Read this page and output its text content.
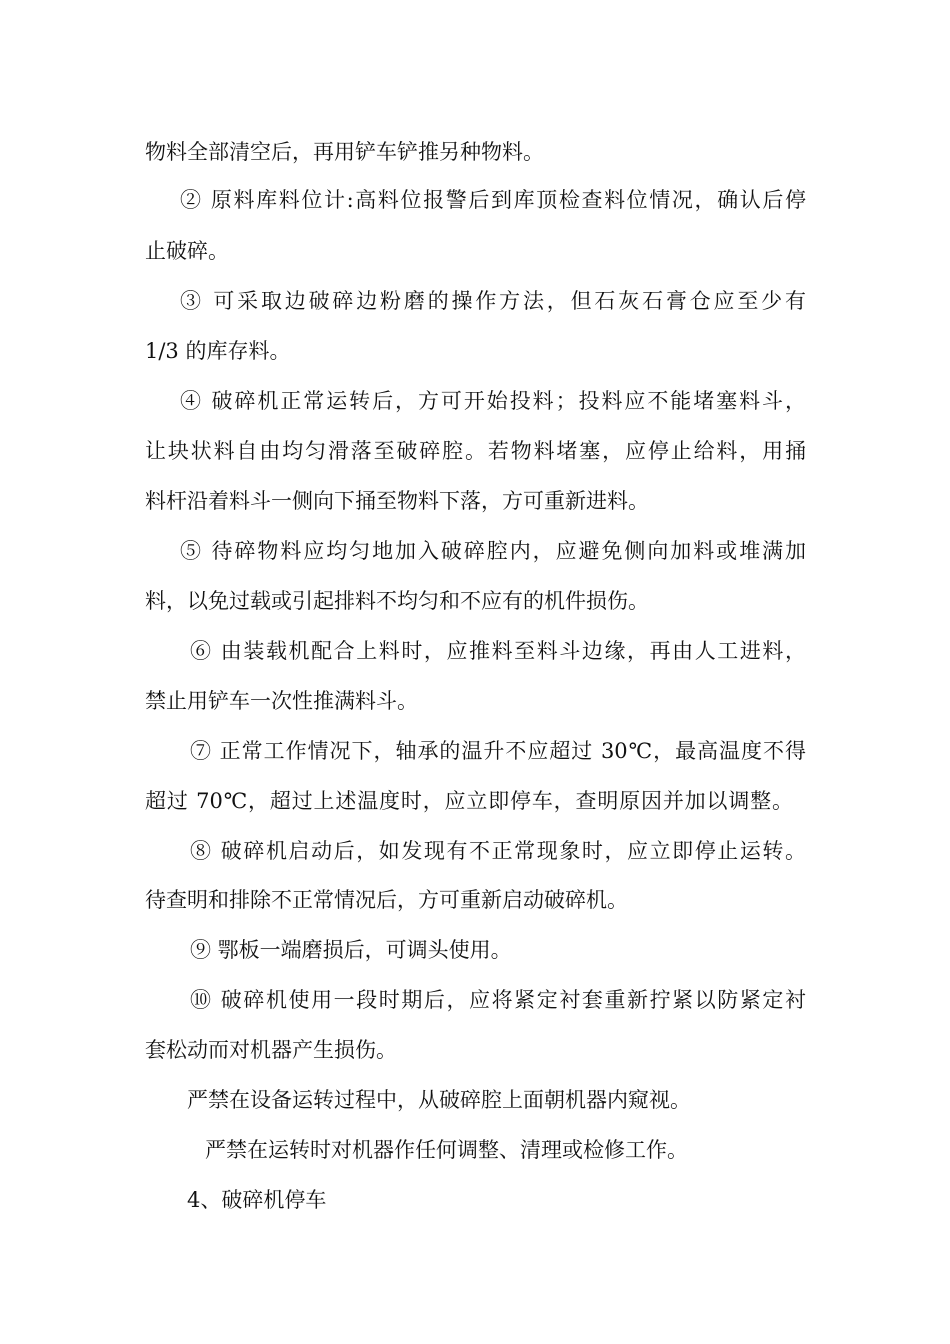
物料全部清空后，再用铲车铲推另种物料。
② 原料库料位计:高料位报警后到库顶检查料位情况，确认后停
止破碎。
③ 可采取边破碎边粉磨的操作方法，但石灰石膏仓应至少有
1/3 的库存料。
④ 破碎机正常运转后，方可开始投料；投料应不能堵塞料斗，
让块状料自由均匀滑落至破碎腔。若物料堵塞，应停止给料，用捅
料杆沿着料斗一侧向下捅至物料下落，方可重新进料。
⑤ 待碎物料应均匀地加入破碎腔内，应避免侧向加料或堆满加
料，以免过载或引起排料不均匀和不应有的机件损伤。
⑥ 由装载机配合上料时，应推料至料斗边缘，再由人工进料，
禁止用铲车一次性推满料斗。
⑦ 正常工作情况下，轴承的温升不应超过 30℃，最高温度不得
超过 70℃，超过上述温度时，应立即停车，查明原因并加以调整。
⑧ 破碎机启动后，如发现有不正常现象时，应立即停止运转。
待查明和排除不正常情况后，方可重新启动破碎机。
⑨ 鄂板一端磨损后，可调头使用。
⑩ 破碎机使用一段时期后，应将紧定衬套重新拧紧以防紧定衬
套松动而对机器产生损伤。
严禁在设备运转过程中，从破碎腔上面朝机器内窥视。
严禁在运转时对机器作任何调整、清理或检修工作。
4、破碎机停车
